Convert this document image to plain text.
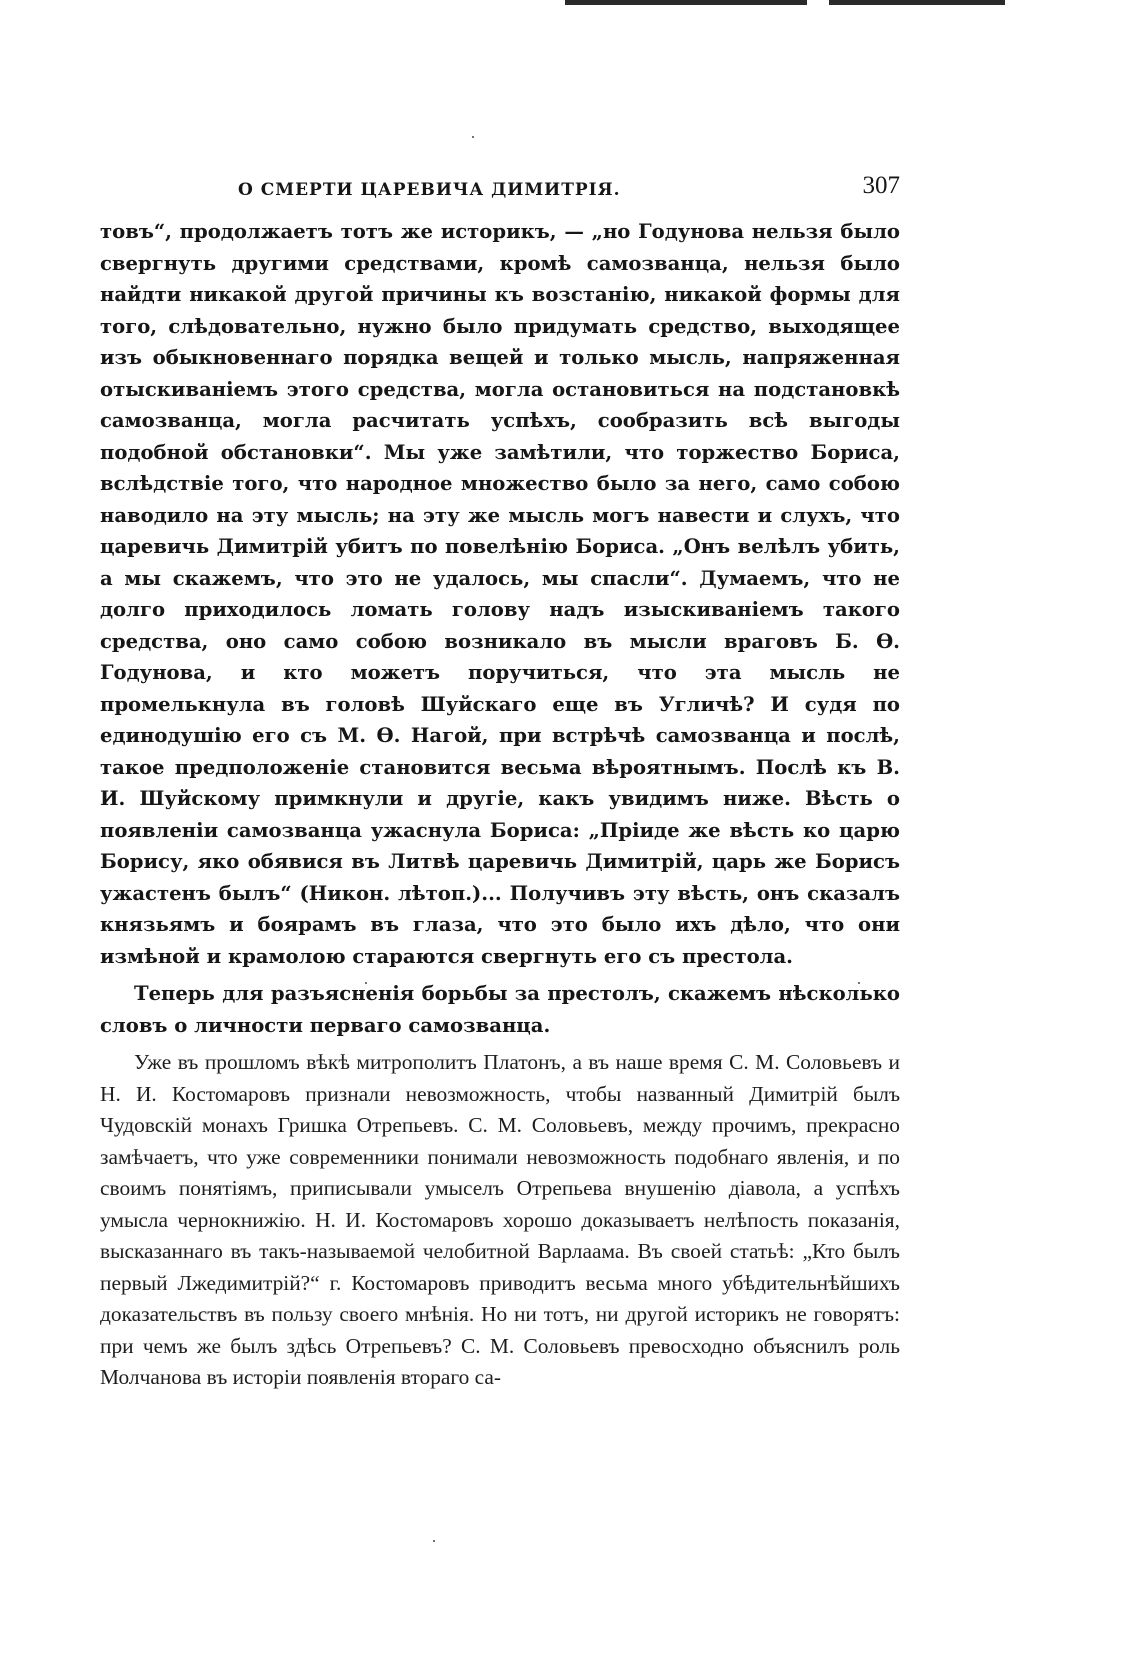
О СМЕРТИ ЦАРЕВИЧА ДИМИТРІЯ.	307

товъ“, продолжаетъ тотъ же историкъ, — „но Годунова нельзя было свергнуть другими средствами, кромѣ самозванца, нельзя было найдти никакой другой причины къ возстанію, никакой формы для того, слѣдовательно, нужно было придумать средство, выходящее изъ обыкновеннаго порядка вещей и только мысль, напряженная отыскиваніемъ этого средства, могла остановиться на подстановкѣ самозванца, могла расчитать успѣхъ, сообразить всѣ выгоды подобной обстановки“. Мы уже замѣтили, что торжество Бориса, вслѣдствіе того, что народное множество было за него, само собою наводило на эту мысль; на эту же мысль могъ навести и слухъ, что царевичь Димитрій убитъ по повелѣнію Бориса. „Онъ велѣлъ убить, а мы скажемъ, что это не удалось, мы спасли“. Думаемъ, что не долго приходилось ломать голову надъ изыскиваніемъ такого средства, оно само собою возникало въ мысли враговъ Б. Ѳ. Годунова, и кто можетъ поручиться, что эта мысль не промелькнула въ головѣ Шуйскаго еще въ Угличѣ? И судя по единодушію его съ М. Ѳ. Нагой, при встрѣчѣ самозванца и послѣ, такое предположеніе становится весьма вѣроятнымъ. Послѣ къ В. И. Шуйскому примкнули и другіе, какъ увидимъ ниже. Вѣсть о появленіи самозванца ужаснула Бориса: „Пріиде же вѣсть ко царю Борису, яко обявися въ Литвѣ царевичь Димитрій, царь же Борисъ ужастенъ былъ“ (Никон. лѣтоп.)... Получивъ эту вѣсть, онъ сказалъ князьямъ и боярамъ въ глаза, что это было ихъ дѣло, что они измѣной и крамолою стараются свергнуть его съ престола.

Теперь для разъясненія борьбы за престолъ, скажемъ нѣсколько словъ о личности перваго самозванца.

Уже въ прошломъ вѣкѣ митрополитъ Платонъ, а въ наше время С. М. Соловьевъ и Н. И. Костомаровъ признали невозможность, чтобы названный Димитрій былъ Чудовскій монахъ Гришка Отрепьевъ. С. М. Соловьевъ, между прочимъ, прекрасно замѣчаетъ, что уже современники понимали невозможность подобнаго явленія, и по своимъ понятіямъ, приписывали умыселъ Отрепьева внушенію діавола, а успѣхъ умысла чернокнижію. Н. И. Костомаровъ хорошо доказываетъ нелѣпость показанія, высказаннаго въ такъ-называемой челобитной Варлаама. Въ своей статьѣ: „Кто былъ первый Лжедимитрій?“ г. Костомаровъ приводитъ весьма много убѣдительнѣйшихъ доказательствъ въ пользу своего мнѣнія. Но ни тотъ, ни другой историкъ не говорятъ: при чемъ же былъ здѣсь Отрепьевъ? С. М. Соловьевъ превосходно объяснилъ роль Молчанова въ исторіи появленія втораго са-
